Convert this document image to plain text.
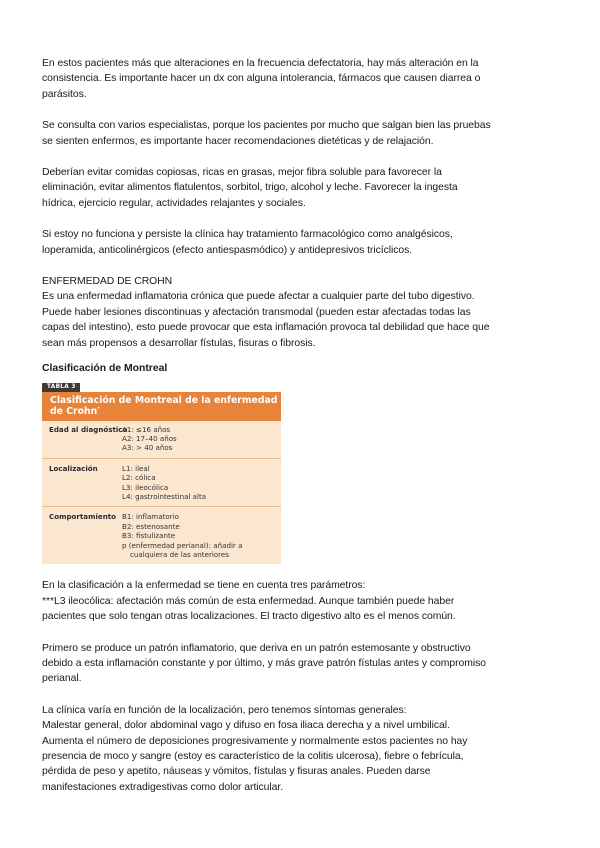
En estos pacientes más que alteraciones en la frecuencia defectatoria, hay más alteración en la
consistencia. Es importante hacer un dx con alguna intolerancia, fármacos que causen diarrea o
parásitos.
Se consulta con varios especialistas, porque los pacientes por mucho que salgan bien las pruebas
se sienten enfermos, es importante hacer recomendaciones dietéticas y de relajación.
Deberían evitar comidas copiosas, ricas en grasas, mejor fibra soluble para favorecer la
eliminación, evitar alimentos flatulentos, sorbitol, trigo, alcohol y leche. Favorecer la ingesta
hídrica, ejercicio regular, actividades relajantes y sociales.
Si estoy no funciona y persiste la clínica hay tratamiento farmacológico como analgésicos,
loperamida, anticolinérgicos (efecto antiespasmódico) y antidepresivos tricíclicos.
ENFERMEDAD DE CROHN
Es una enfermedad inflamatoria crónica que puede afectar a cualquier parte del tubo digestivo.
Puede haber lesiones discontinuas y afectación transmodal (pueden estar afectadas todas las
capas del intestino), esto puede provocar que esta inflamación provoca tal debilidad que hace que
sean más propensos a desarrollar fístulas, fisuras o fibrosis.
Clasificación de Montreal
TABLA 3
Clasificación de Montreal de la enfermedad
de Crohn′
Edad al diagnóstico
A1: ≤16 años
A2: 17–40 años
A3: > 40 años
Localización	L1: ileal
L2: cólica
L3: ileocólica
L4: gastrointestinal alta
Comportamiento B1: inflamatorio
B2: estenosante
B3: fistulizante
p (enfermedad perianal): añadir a
cualquiera de las anteriores
En la clasificación a la enfermedad se tiene en cuenta tres parámetros:
***L3 ileocólica: afectación más común de esta enfermedad. Aunque también puede haber
pacientes que solo tengan otras localizaciones. El tracto digestivo alto es el menos común.
Primero se produce un patrón inflamatorio, que deriva en un patrón estemosante y obstructivo
debido a esta inflamación constante y por último, y más grave patrón fístulas antes y compromiso
perianal.
La clínica varía en función de la localización, pero tenemos síntomas generales:
Malestar general, dolor abdominal vago y difuso en fosa iliaca derecha y a nivel umbilical.
Aumenta el número de deposiciones progresivamente y normalmente estos pacientes no hay
presencia de moco y sangre (estoy es característico de la colitis ulcerosa), fiebre o febrícula,
pérdida de peso y apetito, náuseas y vómitos, fístulas y fisuras anales. Pueden darse
manifestaciones extradigestivas como dolor articular.
